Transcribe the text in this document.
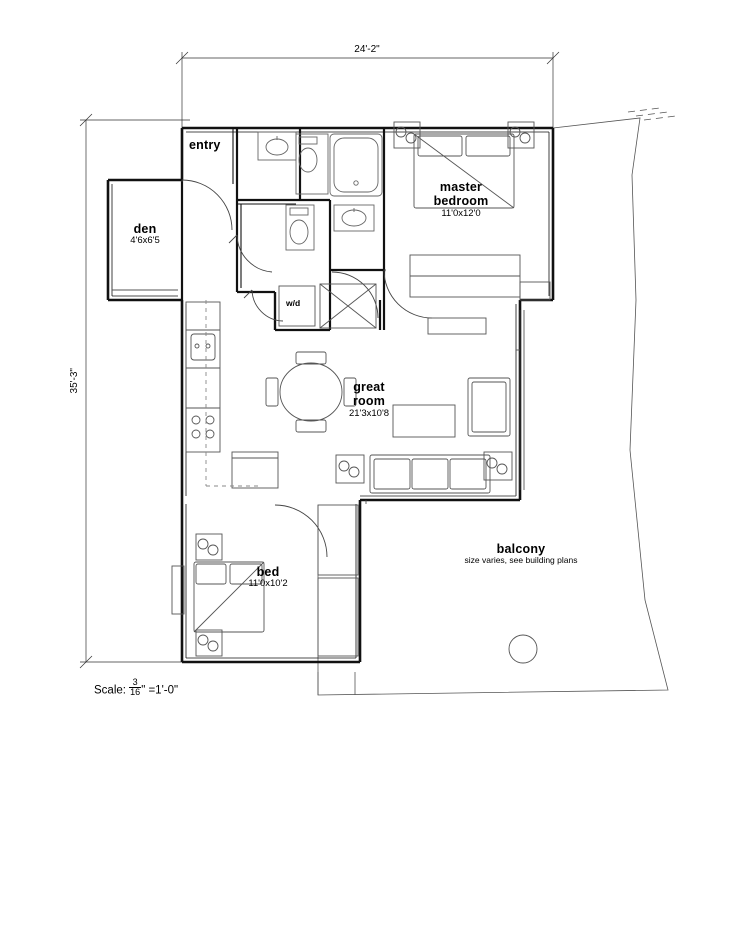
24'-2"
35'-3"
entry
den
4'6x6'5
master
bedroom
11'0x12'0
great
room
21'3x10'8
bed
11'0x10'2
balcony
size varies, see building plans
w/d
Scale: $\frac{3}{16}$ " =1'-0"
